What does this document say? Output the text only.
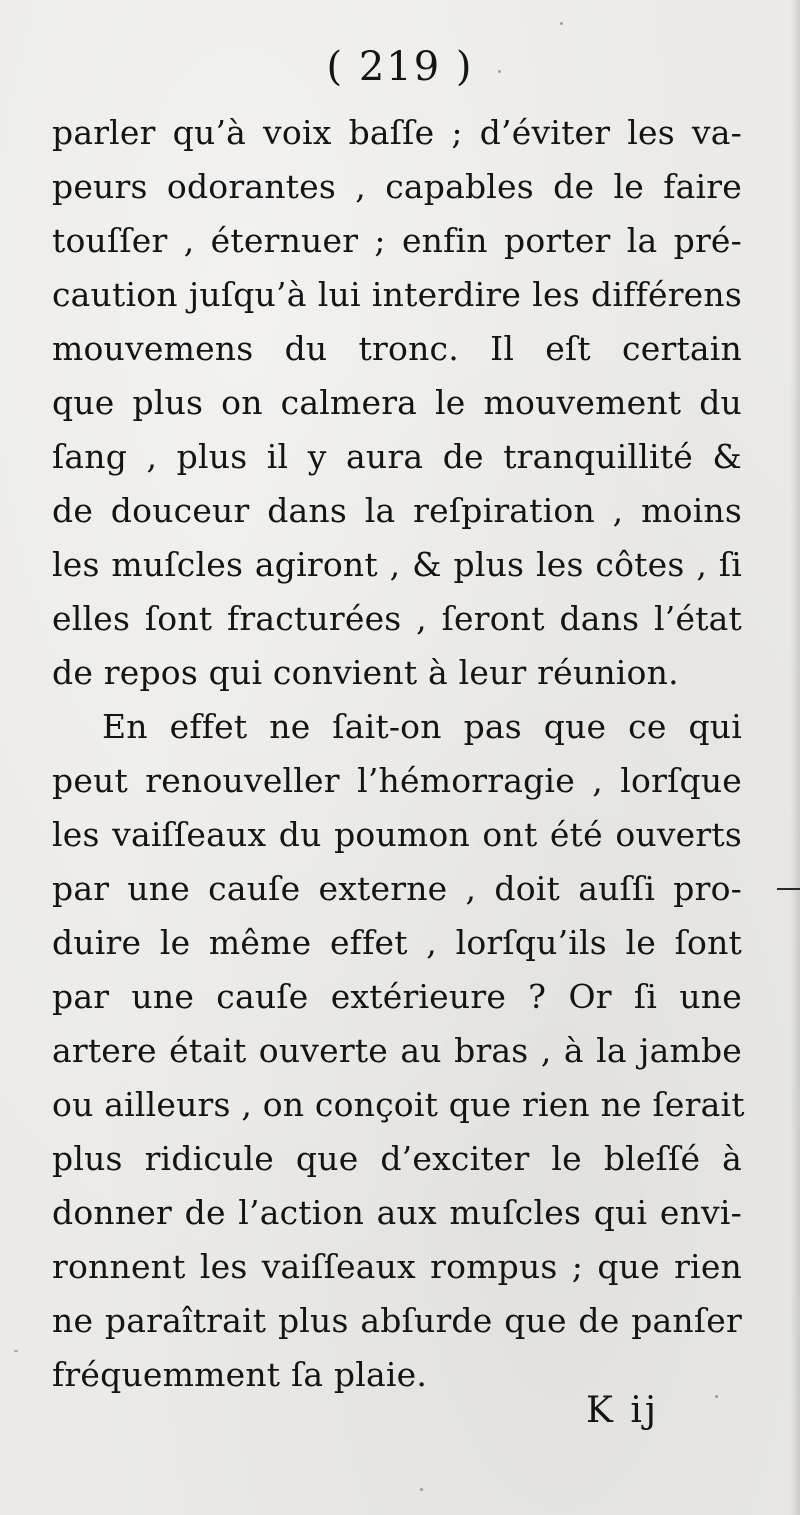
( 219 )
parler qu’à voix baſſe ; d’éviter les va-
peurs odorantes , capables de le faire
touſſer , éternuer ; enfin porter la pré-
caution juſqu’à lui interdire les différens
mouvemens du tronc. Il eſt certain
que plus on calmera le mouvement du
ſang , plus il y aura de tranquillité &
de douceur dans la reſpiration , moins
les muſcles agiront , & plus les côtes , ſi
elles ſont fracturées , ſeront dans l’état
de repos qui convient à leur réunion.
En effet ne ſait-on pas que ce qui
peut renouveller l’hémorragie , lorſque
les vaiſſeaux du poumon ont été ouverts
par une cauſe externe , doit auſſi pro-
duire le même effet , lorſqu’ils le ſont
par une cauſe extérieure ? Or ſi une
artere était ouverte au bras , à la jambe
ou ailleurs , on conçoit que rien ne ſerait
plus ridicule que d’exciter le bleſſé à
donner de l’action aux muſcles qui envi-
ronnent les vaiſſeaux rompus ; que rien
ne paraîtrait plus abſurde que de panſer
fréquemment ſa plaie.
K ij
